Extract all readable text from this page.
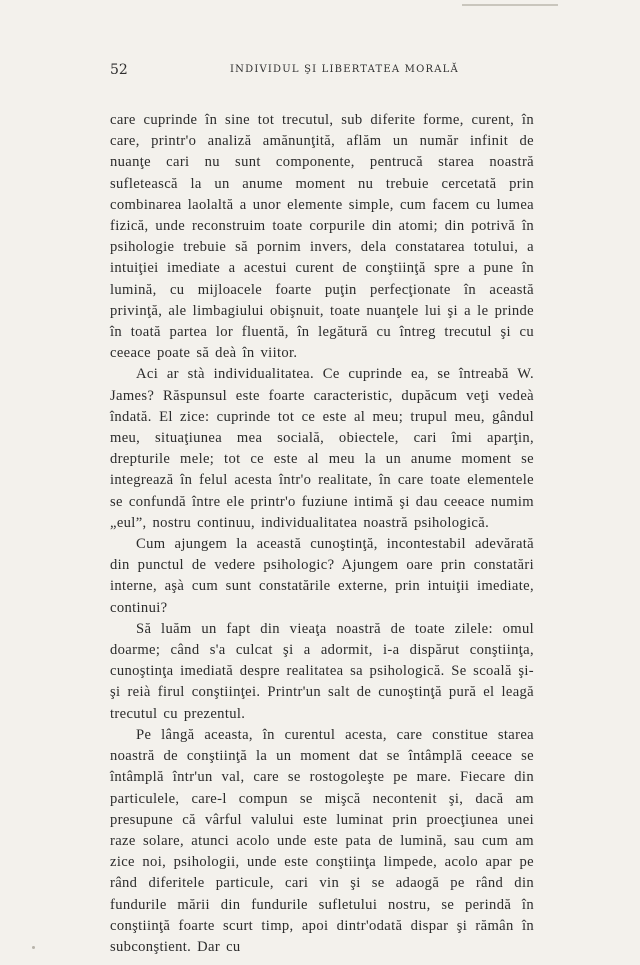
52	INDIVIDUL ŞI LIBERTATEA MORALĂ

care cuprinde în sine tot trecutul, sub diferite forme, curent, în care, printr'o analiză amănunţită, aflăm un număr infinit de nuanţe cari nu sunt componente, pentrucă starea noastră sufletească la un anume moment nu trebuie cercetată prin combinarea laolaltă a unor elemente simple, cum facem cu lumea fizică, unde reconstruim toate corpurile din atomi; din potrivă în psihologie trebuie să pornim invers, dela constatarea totului, a intuiţiei imediate a acestui curent de conştiinţă spre a pune în lumină, cu mijloacele foarte puţin perfecţionate în această privinţă, ale limbagiului obişnuit, toate nuanţele lui şi a le prinde în toată partea lor fluentă, în legătură cu întreg trecutul şi cu ceeace poate să deà în viitor.

Aci ar stà individualitatea. Ce cuprinde ea, se întreabă W. James? Răspunsul este foarte caracteristic, dupăcum veţi vedeà îndată. El zice: cuprinde tot ce este al meu; trupul meu, gândul meu, situaţiunea mea socială, obiectele, cari îmi aparţin, drepturile mele; tot ce este al meu la un anume moment se integrează în felul acesta într'o realitate, în care toate elementele se confundă între ele printr'o fuziune intimă şi dau ceeace numim „eul”, nostru continuu, individualitatea noastră psihologică.

Cum ajungem la această cunoştinţă, incontestabil adevărată din punctul de vedere psihologic? Ajungem oare prin constatări interne, aşà cum sunt constatările externe, prin intuiţii imediate, continui?

Să luăm un fapt din vieaţa noastră de toate zilele: omul doarme; când s'a culcat şi a adormit, i-a dispărut conştiinţa, cunoştinţa imediată despre realitatea sa psihologică. Se scoală şi-şi reià firul conştiinţei. Printr'un salt de cunoştinţă pură el leagă trecutul cu prezentul.

Pe lângă aceasta, în curentul acesta, care constitue starea noastră de conştiinţă la un moment dat se întâmplă ceeace se întâmplă într'un val, care se rostogoleşte pe mare. Fiecare din particulele, care-l compun se mişcă necontenit şi, dacă am presupune că vârful valului este luminat prin proecţiunea unei raze solare, atunci acolo unde este pata de lumină, sau cum am zice noi, psihologii, unde este conştiinţa limpede, acolo apar pe rând diferitele particule, cari vin şi se adaogă pe rând din fundurile mării din fundurile sufletului nostru, se perindă în conştiinţă foarte scurt timp, apoi dintr'odată dispar şi rămân în subconştient. Dar cu
